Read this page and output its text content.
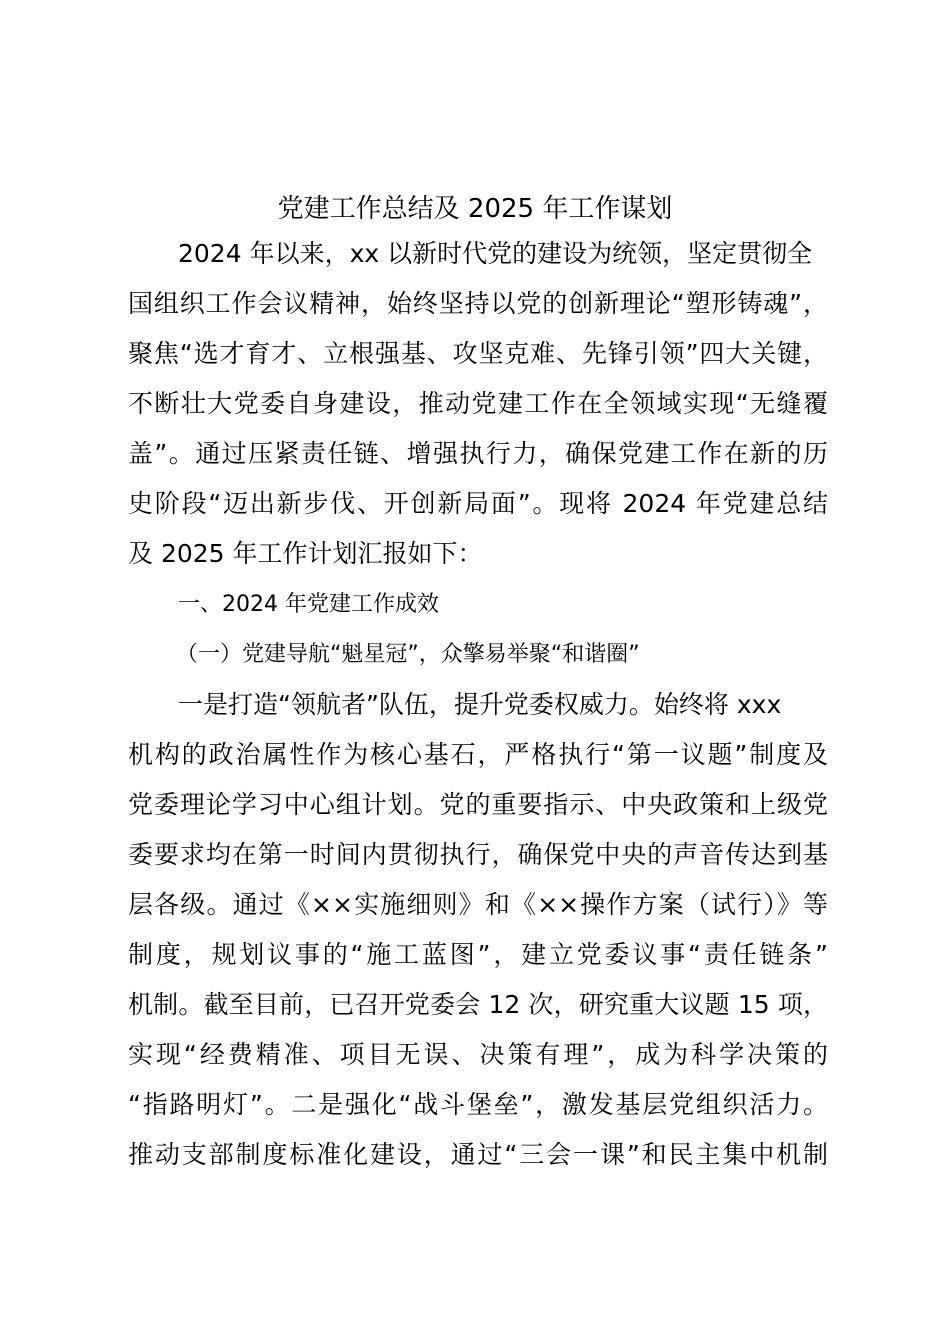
党建工作总结及 2025 年工作谋划
2024 年以来，xx 以新时代党的建设为统领，坚定贯彻全
国组织工作会议精神，始终坚持以党的创新理论“塑形铸魂”，
聚焦“选才育才、立根强基、攻坚克难、先锋引领”四大关键，
不断壮大党委自身建设，推动党建工作在全领域实现“无缝覆
盖”。通过压紧责任链、增强执行力，确保党建工作在新的历
史阶段“迈出新步伐、开创新局面”。现将 2024 年党建总结
及 2025 年工作计划汇报如下：
一、2024 年党建工作成效
（一）党建导航“魁星冠”，众擎易举聚“和谐圈”
一是打造“领航者”队伍，提升党委权威力。始终将 xxx
机构的政治属性作为核心基石，严格执行“第一议题”制度及
党委理论学习中心组计划。党的重要指示、中央政策和上级党
委要求均在第一时间内贯彻执行，确保党中央的声音传达到基
层各级。通过《××实施细则》和《××操作方案（试行）》等
制度，规划议事的“施工蓝图”，建立党委议事“责任链条”
机制。截至目前，已召开党委会 12 次，研究重大议题 15 项，
实现“经费精准、项目无误、决策有理”，成为科学决策的
“指路明灯”。二是强化“战斗堡垒”，激发基层党组织活力。
推动支部制度标准化建设，通过“三会一课”和民主集中机制
